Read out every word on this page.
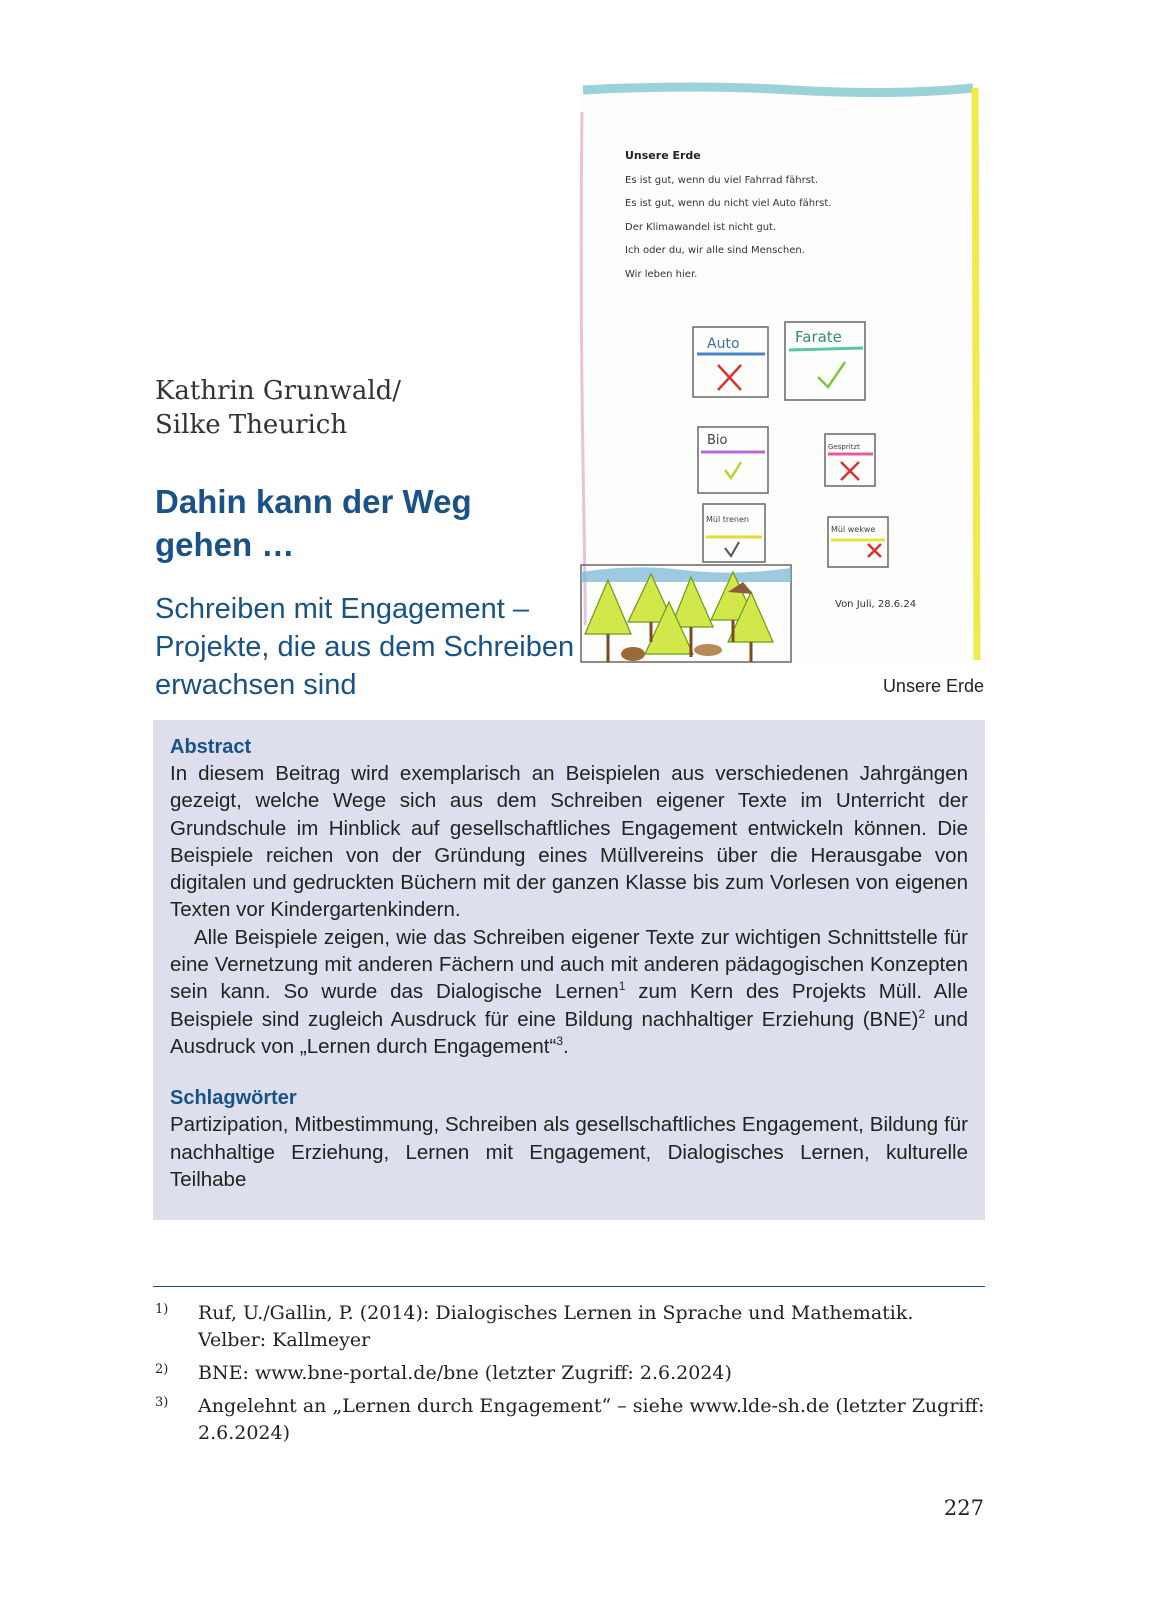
Kathrin Grunwald/
Silke Theurich
Dahin kann der Weg gehen …
Schreiben mit Engagement – Projekte, die aus dem Schreiben erwachsen sind
Unsere Erde
Es ist gut, wenn du viel Fahrrad fährst.
Es ist gut, wenn du nicht viel Auto fährst.
Der Klimawandel ist nicht gut.
Ich oder du, wir alle sind Menschen.
Wir leben hier.
Auto	Farate
Bio	Gespritzt
Mül trenen
Mül wekwe
Von Juli, 28.6.24
Unsere Erde
Abstract

In diesem Beitrag wird exemplarisch an Beispielen aus verschiedenen Jahrgängen gezeigt, welche Wege sich aus dem Schreiben eigener Texte im Unterricht der Grundschule im Hinblick auf gesellschaftliches Engagement entwickeln können. Die Beispiele reichen von der Gründung eines Müllvereins über die Herausgabe von digitalen und gedruckten Büchern mit der ganzen Klasse bis zum Vorlesen von eigenen Texten vor Kindergartenkindern.

Alle Beispiele zeigen, wie das Schreiben eigener Texte zur wichtigen Schnittstelle für eine Vernetzung mit anderen Fächern und auch mit anderen pädagogischen Konzepten sein kann. So wurde das Dialogische Lernen$^1$ zum Kern des Projekts Müll. Alle Beispiele sind zugleich Ausdruck für eine Bildung nachhaltiger Erziehung (BNE)$^2$ und Ausdruck von „Lernen durch Engagement“$^3$.

Schlagwörter

Partizipation, Mitbestimmung, Schreiben als gesellschaftliches Engagement, Bildung für nachhaltige Erziehung, Lernen mit Engagement, Dialogisches Lernen, kulturelle Teilhabe

1)	Ruf, U./Gallin, P. (2014): Dialogisches Lernen in Sprache und Mathematik. Velber: Kallmeyer
2)	BNE: www.bne-portal.de/bne (letzter Zugriff: 2.6.2024)
3)	Angelehnt an „Lernen durch Engagement“ – siehe www.lde-sh.de (letzter Zugriff: 2.6.2024)
227
